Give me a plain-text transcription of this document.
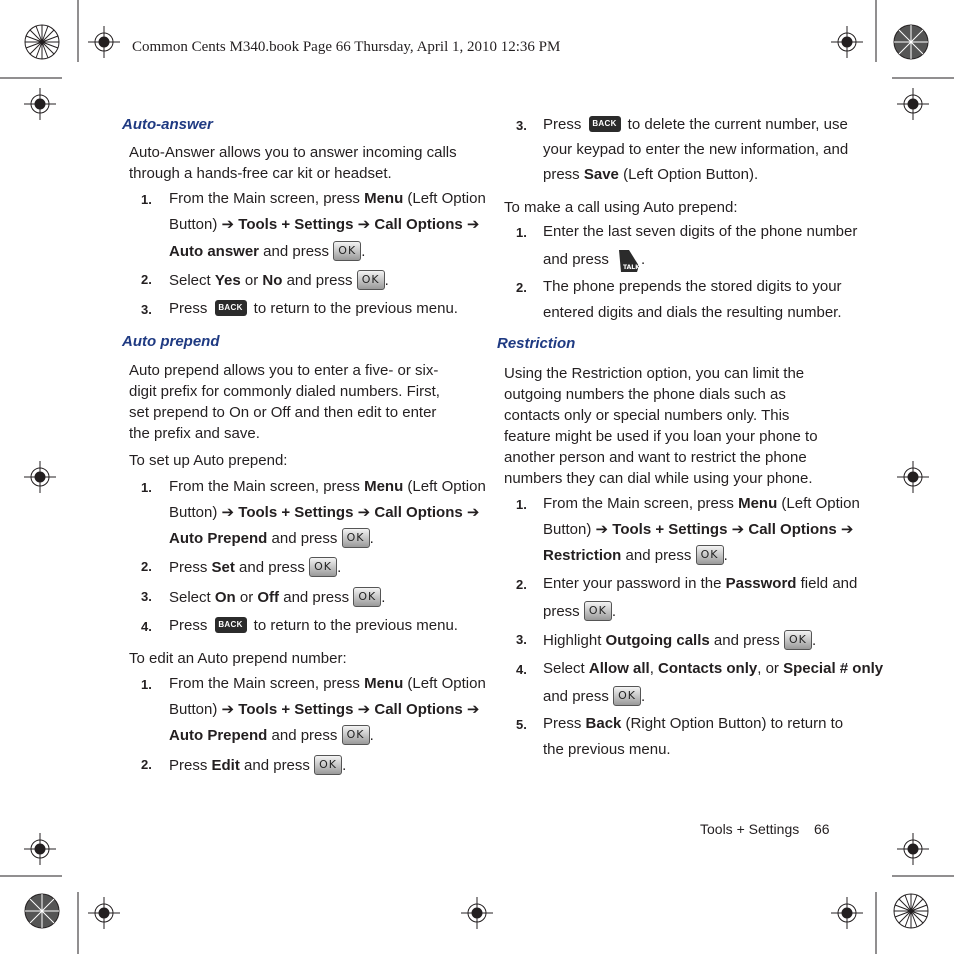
Common Cents M340.book Page 66 Thursday, April 1, 2010 12:36 PM
Auto-answer
Auto-Answer allows you to answer incoming calls through a hands-free car kit or headset.
1. From the Main screen, press Menu (Left Option
Button) ➔ Tools + Settings ➔ Call Options ➔
Auto answer and press OK .
2. Select Yes or No and press OK .
3. Press BACK to return to the previous menu.
Auto prepend
Auto prepend allows you to enter a five- or six-digit prefix for commonly dialed numbers. First, set prepend to On or Off and then edit to enter the prefix and save.
To set up Auto prepend:
1. From the Main screen, press Menu (Left Option
Button) ➔ Tools + Settings ➔ Call Options ➔
Auto Prepend and press OK .
2. Press Set and press OK .
3. Select On or Off and press OK .
4. Press BACK to return to the previous menu.
To edit an Auto prepend number:
1. From the Main screen, press Menu (Left Option
Button) ➔ Tools + Settings ➔ Call Options ➔
Auto Prepend and press OK .
2. Press Edit and press OK .
3. Press BACK to delete the current number, use
your keypad to enter the new information, and
press Save (Left Option Button).
To make a call using Auto prepend:
1. Enter the last seven digits of the phone number
and press TALK .
2. The phone prepends the stored digits to your
entered digits and dials the resulting number.
Restriction
Using the Restriction option, you can limit the outgoing numbers the phone dials such as contacts only or special numbers only. This feature might be used if you loan your phone to another person and want to restrict the phone numbers they can dial while using your phone.
1. From the Main screen, press Menu (Left Option
Button) ➔ Tools + Settings ➔ Call Options ➔
Restriction and press OK .
2. Enter your password in the Password field and
press OK .
3. Highlight Outgoing calls and press OK .
4. Select Allow all, Contacts only, or Special # only
and press OK .
5. Press Back (Right Option Button) to return to
the previous menu.
Tools + Settings 66
